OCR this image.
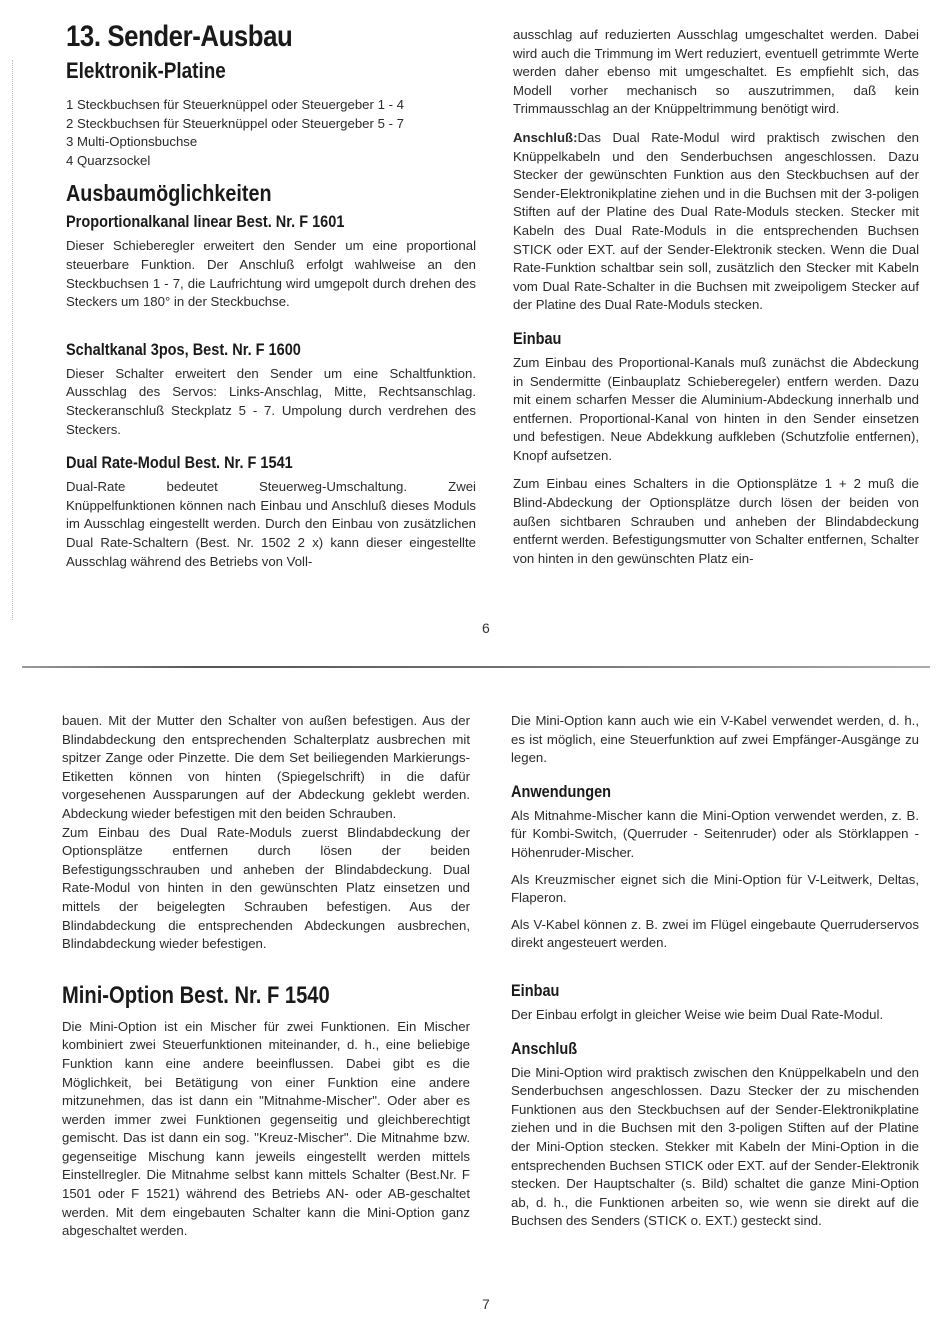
13. Sender-Ausbau
Elektronik-Platine
1 Steckbuchsen für Steuerknüppel oder Steuergeber 1 - 4
2 Steckbuchsen für Steuerknüppel oder Steuergeber 5 - 7
3 Multi-Optionsbuchse
4 Quarzsockel
Ausbaumöglichkeiten
Proportionalkanal linear Best. Nr. F 1601

Dieser Schieberegler erweitert den Sender um eine proportional steuerbare Funktion. Der Anschluß erfolgt wahlweise an den Steckbuchsen 1 - 7, die Laufrichtung wird umgepolt durch drehen des Steckers um 180° in der Steckbuchse.

Schaltkanal 3pos, Best. Nr. F 1600

Dieser Schalter erweitert den Sender um eine Schaltfunktion. Ausschlag des Servos: Links-Anschlag, Mitte, Rechtsanschlag. Steckeranschluß Steckplatz 5 - 7. Umpolung durch verdrehen des Steckers.

Dual Rate-Modul Best. Nr. F 1541

Dual-Rate bedeutet Steuerweg-Umschaltung. Zwei Knüppelfunktionen können nach Einbau und Anschluß dieses Moduls im Ausschlag eingestellt werden. Durch den Einbau von zusätzlichen Dual Rate-Schaltern (Best. Nr. 1502 2 x) kann dieser eingestellte Ausschlag während des Betriebs von Voll-

ausschlag auf reduzierten Ausschlag umgeschaltet werden. Dabei wird auch die Trimmung im Wert reduziert, eventuell getrimmte Werte werden daher ebenso mit umgeschaltet. Es empfiehlt sich, das Modell vorher mechanisch so auszutrimmen, daß kein Trimmausschlag an der Knüppeltrimmung benötigt wird.

Anschluß:Das Dual Rate-Modul wird praktisch zwischen den Knüppelkabeln und den Senderbuchsen angeschlossen. Dazu Stecker der gewünschten Funktion aus den Steckbuchsen auf der Sender-Elektronikplatine ziehen und in die Buchsen mit der 3-poligen Stiften auf der Platine des Dual Rate-Moduls stecken. Stecker mit Kabeln des Dual Rate-Moduls in die entsprechenden Buchsen STICK oder EXT. auf der Sender-Elektronik stecken. Wenn die Dual Rate-Funktion schaltbar sein soll, zusätzlich den Stecker mit Kabeln vom Dual Rate-Schalter in die Buchsen mit zweipoligem Stecker auf der Platine des Dual Rate-Moduls stecken.

Einbau

Zum Einbau des Proportional-Kanals muß zunächst die Abdeckung in Sendermitte (Einbauplatz Schieberegeler) entfern werden. Dazu mit einem scharfen Messer die Aluminium-Abdeckung innerhalb und entfernen. Proportional-Kanal von hinten in den Sender einsetzen und befestigen. Neue Abdekkung aufkleben (Schutzfolie entfernen), Knopf aufsetzen.

Zum Einbau eines Schalters in die Optionsplätze 1 + 2 muß die Blind-Abdeckung der Optionsplätze durch lösen der beiden von außen sichtbaren Schrauben und anheben der Blindabdeckung entfernt werden. Befestigungsmutter von Schalter entfernen, Schalter von hinten in den gewünschten Platz ein-

6

bauen. Mit der Mutter den Schalter von außen befestigen. Aus der Blindabdeckung den entsprechenden Schalterplatz ausbrechen mit spitzer Zange oder Pinzette. Die dem Set beiliegenden Markierungs-Etiketten können von hinten (Spiegelschrift) in die dafür vorgesehenen Aussparungen auf der Abdeckung geklebt werden. Abdeckung wieder befestigen mit den beiden Schrauben.

Zum Einbau des Dual Rate-Moduls zuerst Blindabdeckung der Optionsplätze entfernen durch lösen der beiden Befestigungsschrauben und anheben der Blindabdeckung. Dual Rate-Modul von hinten in den gewünschten Platz einsetzen und mittels der beigelegten Schrauben befestigen. Aus der Blindabdeckung die entsprechenden Abdeckungen ausbrechen, Blindabdeckung wieder befestigen.

Mini-Option Best. Nr. F 1540

Die Mini-Option ist ein Mischer für zwei Funktionen. Ein Mischer kombiniert zwei Steuerfunktionen miteinander, d. h., eine beliebige Funktion kann eine andere beeinflussen. Dabei gibt es die Möglichkeit, bei Betätigung von einer Funktion eine andere mitzunehmen, das ist dann ein "Mitnahme-Mischer". Oder aber es werden immer zwei Funktionen gegenseitig und gleichberechtigt gemischt. Das ist dann ein sog. "Kreuz-Mischer". Die Mitnahme bzw. gegenseitige Mischung kann jeweils eingestellt werden mittels Einstellregler. Die Mitnahme selbst kann mittels Schalter (Best.Nr. F 1501 oder F 1521) während des Betriebs AN- oder AB-geschaltet werden. Mit dem eingebauten Schalter kann die Mini-Option ganz abgeschaltet werden.

Die Mini-Option kann auch wie ein V-Kabel verwendet werden, d. h., es ist möglich, eine Steuerfunktion auf zwei Empfänger-Ausgänge zu legen.

Anwendungen

Als Mitnahme-Mischer kann die Mini-Option verwendet werden, z. B. für Kombi-Switch, (Querruder - Seitenruder) oder als Störklappen - Höhenruder-Mischer.

Als Kreuzmischer eignet sich die Mini-Option für V-Leitwerk, Deltas, Flaperon.

Als V-Kabel können z. B. zwei im Flügel eingebaute Querruderservos direkt angesteuert werden.

Einbau

Der Einbau erfolgt in gleicher Weise wie beim Dual Rate-Modul.

Anschluß

Die Mini-Option wird praktisch zwischen den Knüppelkabeln und den Senderbuchsen angeschlossen. Dazu Stecker der zu mischenden Funktionen aus den Steckbuchsen auf der Sender-Elektronikplatine ziehen und in die Buchsen mit den 3-poligen Stiften auf der Platine der Mini-Option stecken. Stekker mit Kabeln der Mini-Option in die entsprechenden Buchsen STICK oder EXT. auf der Sender-Elektronik stecken. Der Hauptschalter (s. Bild) schaltet die ganze Mini-Option ab, d. h., die Funktionen arbeiten so, wie wenn sie direkt auf die Buchsen des Senders (STICK o. EXT.) gesteckt sind.

7
